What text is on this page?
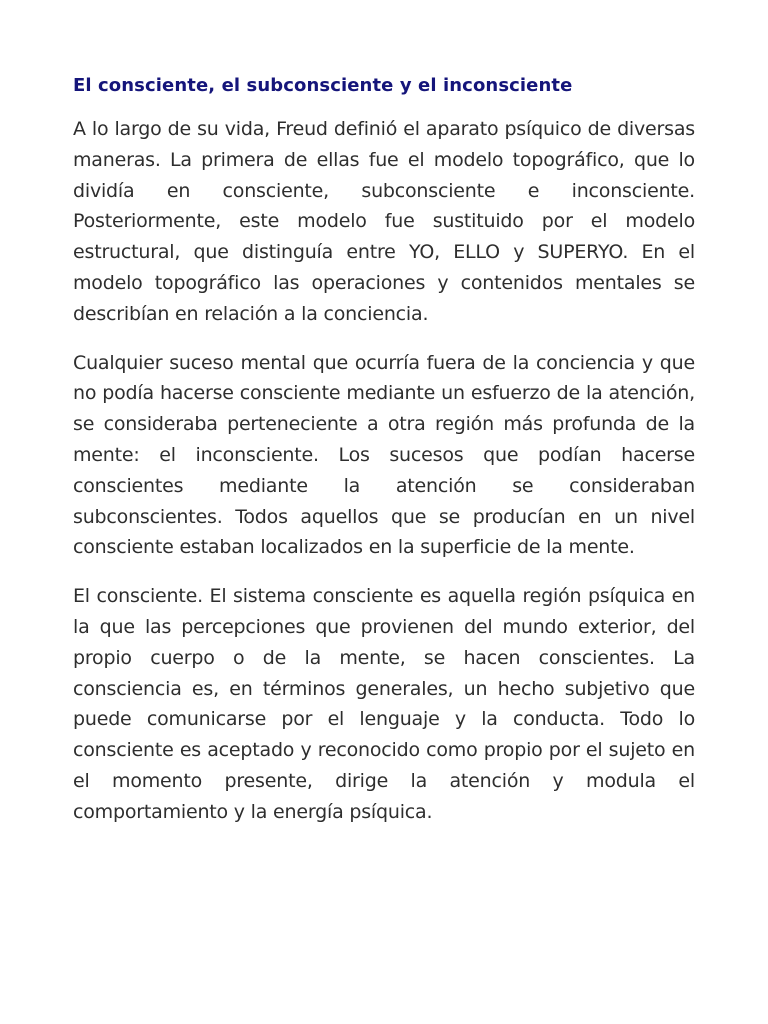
El consciente, el subconsciente y el inconsciente

A lo largo de su vida, Freud definió el aparato psíquico de diversas maneras. La primera de ellas fue el modelo topográfico, que lo dividía en consciente, subconsciente e inconsciente. Posteriormente, este modelo fue sustituido por el modelo estructural, que distinguía entre YO, ELLO y SUPERYO. En el modelo topográfico las operaciones y contenidos mentales se describían en relación a la conciencia.

Cualquier suceso mental que ocurría fuera de la conciencia y que no podía hacerse consciente mediante un esfuerzo de la atención, se consideraba perteneciente a otra región más profunda de la mente: el inconsciente. Los sucesos que podían hacerse conscientes mediante la atención se consideraban subconscientes. Todos aquellos que se producían en un nivel consciente estaban localizados en la superficie de la mente.

El consciente. El sistema consciente es aquella región psíquica en la que las percepciones que provienen del mundo exterior, del propio cuerpo o de la mente, se hacen conscientes. La consciencia es, en términos generales, un hecho subjetivo que puede comunicarse por el lenguaje y la conducta. Todo lo consciente es aceptado y reconocido como propio por el sujeto en el momento presente, dirige la atención y modula el comportamiento y la energía psíquica.
